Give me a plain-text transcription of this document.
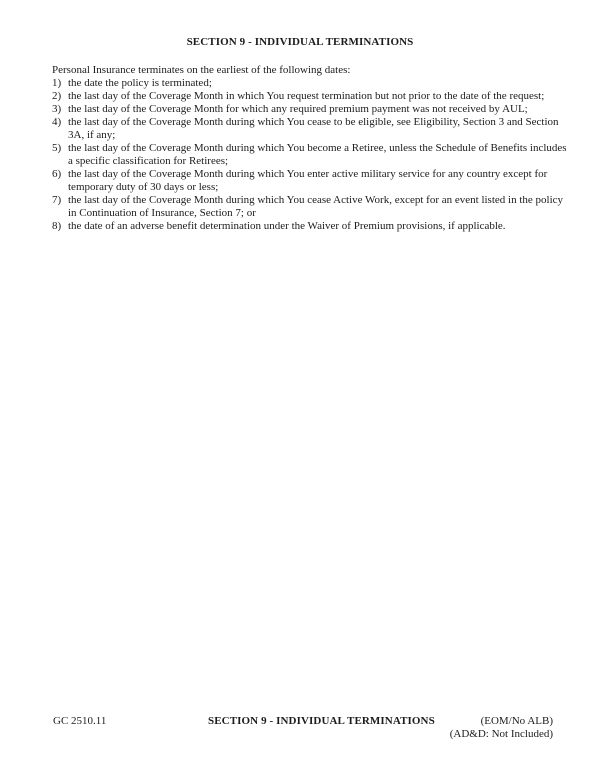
SECTION 9 - INDIVIDUAL TERMINATIONS

Personal Insurance terminates on the earliest of the following dates:

1) the date the policy is terminated;
2) the last day of the Coverage Month in which You request termination but not prior to the date of the request;
3) the last day of the Coverage Month for which any required premium payment was not received by AUL;
4) the last day of the Coverage Month during which You cease to be eligible, see Eligibility, Section 3 and Section 3A, if any;
5) the last day of the Coverage Month during which You become a Retiree, unless the Schedule of Benefits includes a specific classification for Retirees;
6) the last day of the Coverage Month during which You enter active military service for any country except for temporary duty of 30 days or less;
7) the last day of the Coverage Month during which You cease Active Work, except for an event listed in the policy in Continuation of Insurance, Section 7; or
8) the date of an adverse benefit determination under the Waiver of Premium provisions, if applicable.
GC 2510.11	SECTION 9 - INDIVIDUAL TERMINATIONS	(EOM/No ALB)
(AD&D: Not Included)
